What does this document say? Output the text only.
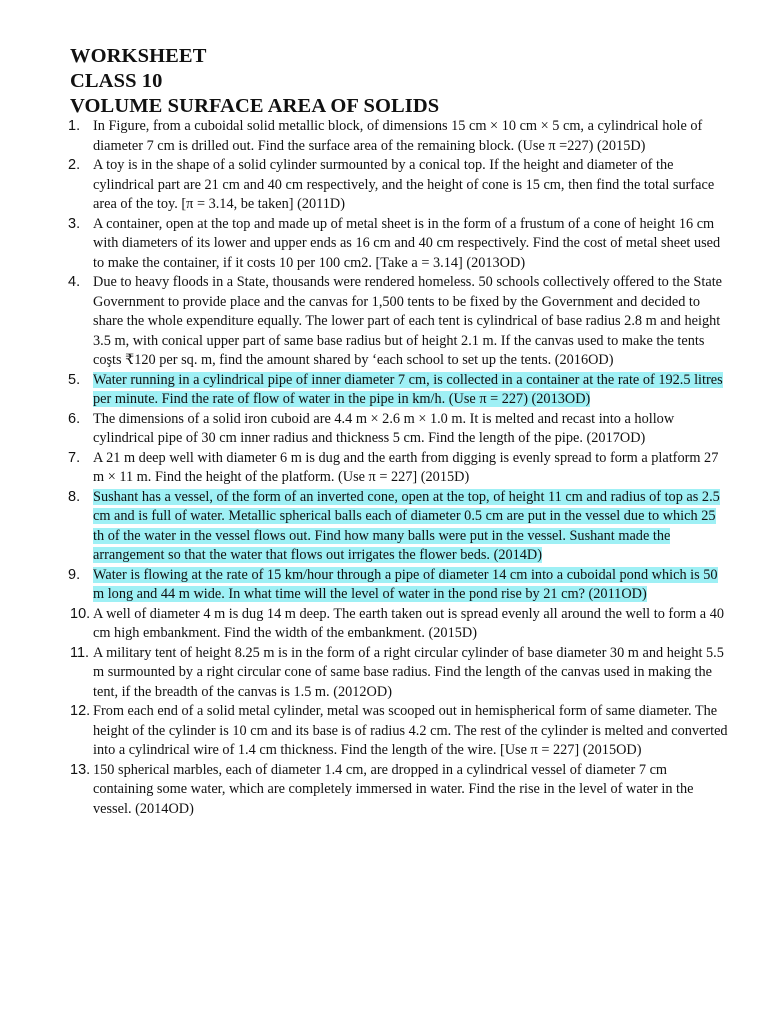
WORKSHEET
CLASS 10
VOLUME SURFACE AREA OF SOLIDS
1. In Figure, from a cuboidal solid metallic block, of dimensions 15 cm × 10 cm × 5 cm, a cylindrical hole of diameter 7 cm is drilled out. Find the surface area of the remaining block. (Use π =227) (2015D)
2. A toy is in the shape of a solid cylinder surmounted by a conical top. If the height and diameter of the cylindrical part are 21 cm and 40 cm respectively, and the height of cone is 15 cm, then find the total surface area of the toy. [π = 3.14, be taken] (2011D)
3. A container, open at the top and made up of metal sheet is in the form of a frustum of a cone of height 16 cm with diameters of its lower and upper ends as 16 cm and 40 cm respectively. Find the cost of metal sheet used to make the container, if it costs 10 per 100 cm2. [Take a = 3.14] (2013OD)
4. Due to heavy floods in a State, thousands were rendered homeless. 50 schools collectively offered to the State Government to provide place and the canvas for 1,500 tents to be fixed by the Government and decided to share the whole expenditure equally. The lower part of each tent is cylindrical of base radius 2.8 m and height 3.5 m, with conical upper part of same base radius but of height 2.1 m. If the canvas used to make the tents coşts ₹120 per sq. m, find the amount shared by ‘each school to set up the tents. (2016OD)
5. Water running in a cylindrical pipe of inner diameter 7 cm, is collected in a container at the rate of 192.5 litres per minute. Find the rate of flow of water in the pipe in km/h. (Use π = 227) (2013OD)
6. The dimensions of a solid iron cuboid are 4.4 m × 2.6 m × 1.0 m. It is melted and recast into a hollow cylindrical pipe of 30 cm inner radius and thickness 5 cm. Find the length of the pipe. (2017OD)
7. A 21 m deep well with diameter 6 m is dug and the earth from digging is evenly spread to form a platform 27 m × 11 m. Find the height of the platform. (Use π = 227] (2015D)
8. Sushant has a vessel, of the form of an inverted cone, open at the top, of height 11 cm and radius of top as 2.5 cm and is full of water. Metallic spherical balls each of diameter 0.5 cm are put in the vessel due to which 25 th of the water in the vessel flows out. Find how many balls were put in the vessel. Sushant made the arrangement so that the water that flows out irrigates the flower beds. (2014D)
9. Water is flowing at the rate of 15 km/hour through a pipe of diameter 14 cm into a cuboidal pond which is 50 m long and 44 m wide. In what time will the level of water in the pond rise by 21 cm? (2011OD)
10. A well of diameter 4 m is dug 14 m deep. The earth taken out is spread evenly all around the well to form a 40 cm high embankment. Find the width of the embankment. (2015D)
11. A military tent of height 8.25 m is in the form of a right circular cylinder of base diameter 30 m and height 5.5 m surmounted by a right circular cone of same base radius. Find the length of the canvas used in making the tent, if the breadth of the canvas is 1.5 m. (2012OD)
12. From each end of a solid metal cylinder, metal was scooped out in hemispherical form of same diameter. The height of the cylinder is 10 cm and its base is of radius 4.2 cm. The rest of the cylinder is melted and converted into a cylindrical wire of 1.4 cm thickness. Find the length of the wire. [Use π = 227] (2015OD)
13. 150 spherical marbles, each of diameter 1.4 cm, are dropped in a cylindrical vessel of diameter 7 cm containing some water, which are completely immersed in water. Find the rise in the level of water in the vessel. (2014OD)
